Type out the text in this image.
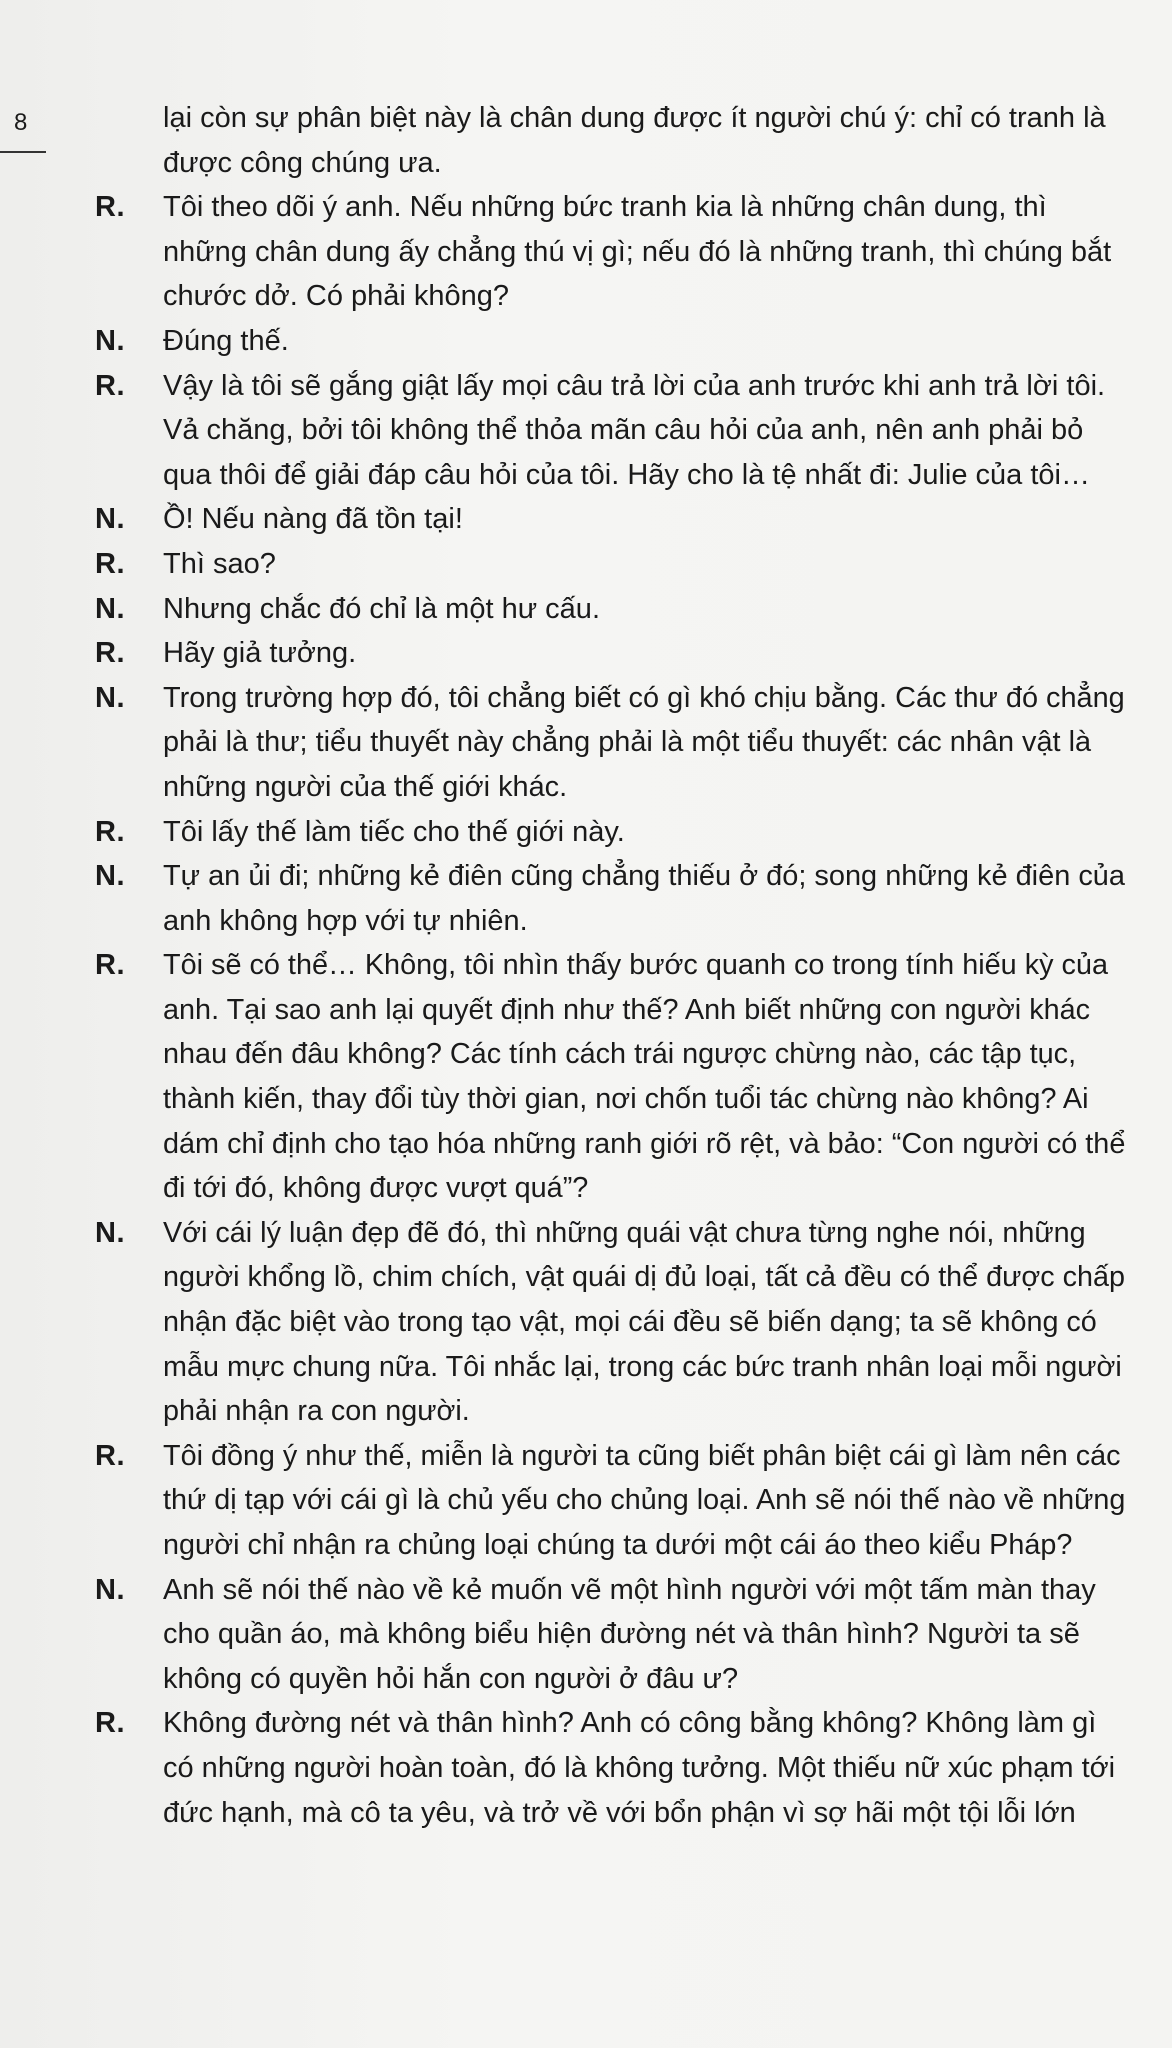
8	lại còn sự phân biệt này là chân dung được ít người chú ý: chỉ có tranh là
được công chúng ưa.
R.	Tôi theo dõi ý anh. Nếu những bức tranh kia là những chân dung, thì
những chân dung ấy chẳng thú vị gì; nếu đó là những tranh, thì chúng bắt
chước dở. Có phải không?
N.	Đúng thế.
R.	Vậy là tôi sẽ gắng giật lấy mọi câu trả lời của anh trước khi anh trả lời tôi.
Vả chăng, bởi tôi không thể thỏa mãn câu hỏi của anh, nên anh phải bỏ
qua thôi để giải đáp câu hỏi của tôi. Hãy cho là tệ nhất đi: Julie của tôi…
N.	Ồ! Nếu nàng đã tồn tại!
R.	Thì sao?
N.	Nhưng chắc đó chỉ là một hư cấu.
R.	Hãy giả tưởng.
N.	Trong trường hợp đó, tôi chẳng biết có gì khó chịu bằng. Các thư đó chẳng
phải là thư; tiểu thuyết này chẳng phải là một tiểu thuyết: các nhân vật là
những người của thế giới khác.
R.	Tôi lấy thế làm tiếc cho thế giới này.
N.	Tự an ủi đi; những kẻ điên cũng chẳng thiếu ở đó; song những kẻ điên của
anh không hợp với tự nhiên.
R.	Tôi sẽ có thể… Không, tôi nhìn thấy bước quanh co trong tính hiếu kỳ của
anh. Tại sao anh lại quyết định như thế? Anh biết những con người khác
nhau đến đâu không? Các tính cách trái ngược chừng nào, các tập tục,
thành kiến, thay đổi tùy thời gian, nơi chốn tuổi tác chừng nào không? Ai
dám chỉ định cho tạo hóa những ranh giới rõ rệt, và bảo: “Con người có thể
đi tới đó, không được vượt quá”?
N.	Với cái lý luận đẹp đẽ đó, thì những quái vật chưa từng nghe nói, những
người khổng lồ, chim chích, vật quái dị đủ loại, tất cả đều có thể được chấp
nhận đặc biệt vào trong tạo vật, mọi cái đều sẽ biến dạng; ta sẽ không có
mẫu mực chung nữa. Tôi nhắc lại, trong các bức tranh nhân loại mỗi người
phải nhận ra con người.
R.	Tôi đồng ý như thế, miễn là người ta cũng biết phân biệt cái gì làm nên các
thứ dị tạp với cái gì là chủ yếu cho chủng loại. Anh sẽ nói thế nào về những
người chỉ nhận ra chủng loại chúng ta dưới một cái áo theo kiểu Pháp?
N.	Anh sẽ nói thế nào về kẻ muốn vẽ một hình người với một tấm màn thay
cho quần áo, mà không biểu hiện đường nét và thân hình? Người ta sẽ
không có quyền hỏi hắn con người ở đâu ư?
R.	Không đường nét và thân hình? Anh có công bằng không? Không làm gì
có những người hoàn toàn, đó là không tưởng. Một thiếu nữ xúc phạm tới
đức hạnh, mà cô ta yêu, và trở về với bổn phận vì sợ hãi một tội lỗi lớn
